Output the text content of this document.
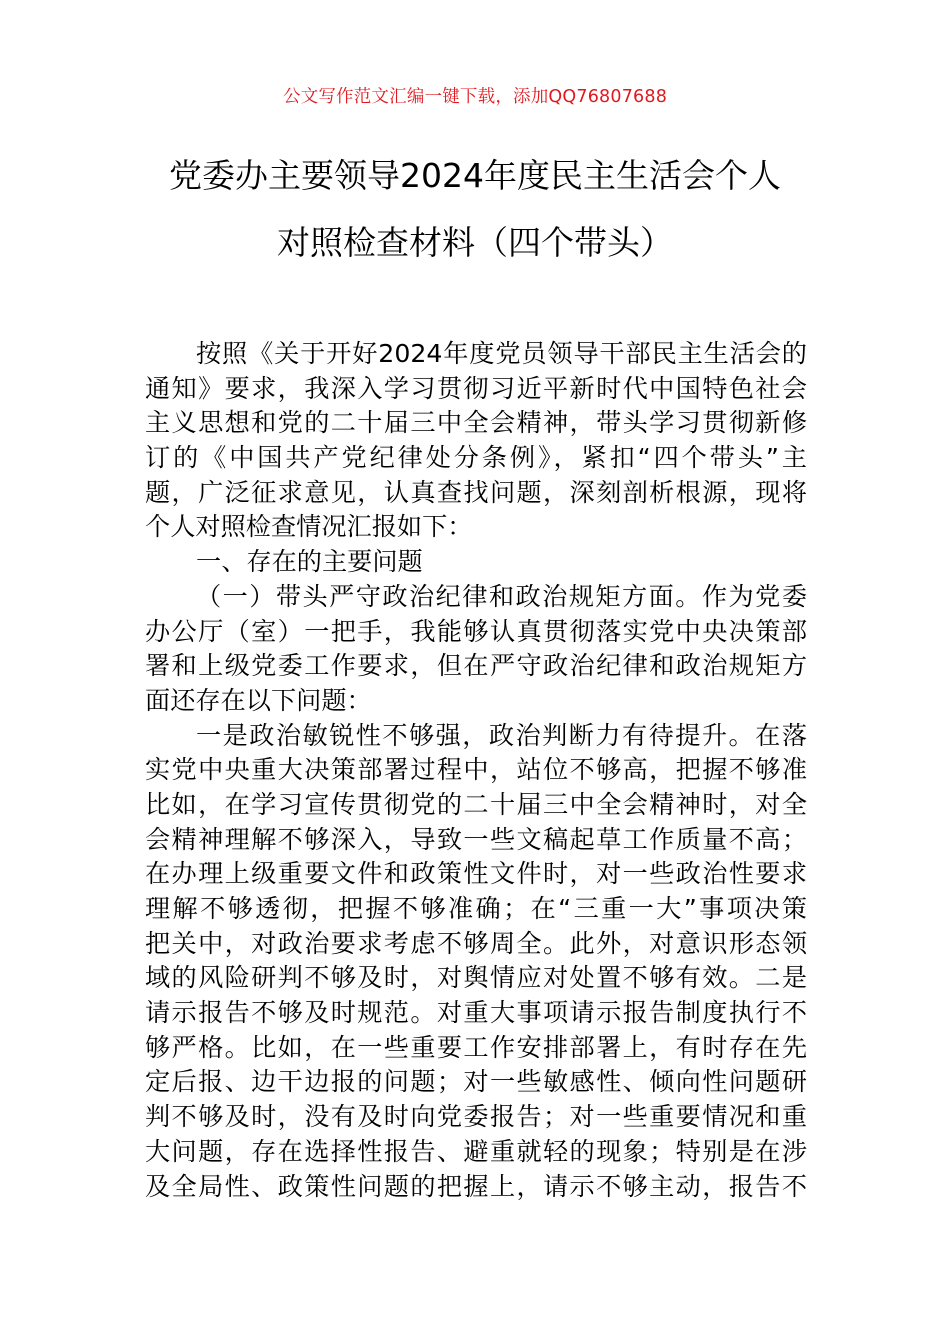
公文写作范文汇编一键下载，添加QQ76807688
党委办主要领导2024年度民主生活会个人
对照检查材料（四个带头）
按照《关于开好2024年度党员领导干部民主生活会的
通知》要求，我深入学习贯彻习近平新时代中国特色社会
主义思想和党的二十届三中全会精神，带头学习贯彻新修
订的《中国共产党纪律处分条例》，紧扣“四个带头”主
题，广泛征求意见，认真查找问题，深刻剖析根源，现将
个人对照检查情况汇报如下：
一、存在的主要问题
（一）带头严守政治纪律和政治规矩方面。作为党委
办公厅（室）一把手，我能够认真贯彻落实党中央决策部
署和上级党委工作要求，但在严守政治纪律和政治规矩方
面还存在以下问题：
一是政治敏锐性不够强，政治判断力有待提升。在落
实党中央重大决策部署过程中，站位不够高，把握不够准
比如，在学习宣传贯彻党的二十届三中全会精神时，对全
会精神理解不够深入，导致一些文稿起草工作质量不高；
在办理上级重要文件和政策性文件时，对一些政治性要求
理解不够透彻，把握不够准确；在“三重一大”事项决策
把关中，对政治要求考虑不够周全。此外，对意识形态领
域的风险研判不够及时，对舆情应对处置不够有效。二是
请示报告不够及时规范。对重大事项请示报告制度执行不
够严格。比如，在一些重要工作安排部署上，有时存在先
定后报、边干边报的问题；对一些敏感性、倾向性问题研
判不够及时，没有及时向党委报告；对一些重要情况和重
大问题，存在选择性报告、避重就轻的现象；特别是在涉
及全局性、政策性问题的把握上，请示不够主动，报告不
